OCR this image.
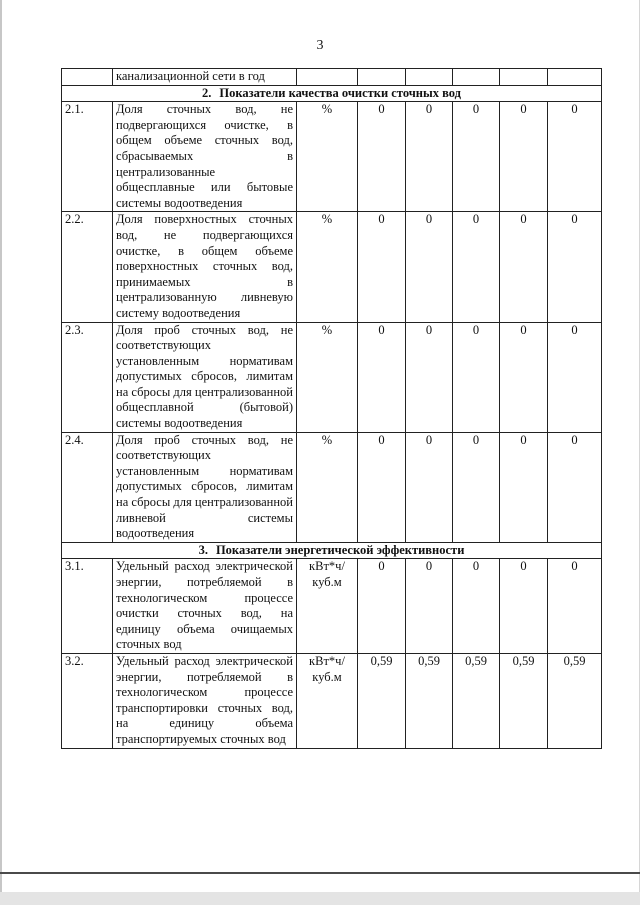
3
	канализационной сети в год						
2. Показатели качества очистки сточных вод							
2.1.	Доля сточных вод, не подвергающихся очистке, в общем объеме сточных вод, сбрасываемых в централизованные общесплавные или бытовые системы водоотведения	%	0	0	0	0	0
2.2.	Доля поверхностных сточных вод, не подвергающихся очистке, в общем объеме поверхностных сточных вод, принимаемых в централизованную ливневую систему водоотведения	%	0	0	0	0	0
2.3.	Доля проб сточных вод, не соответствующих установленным нормативам допустимых сбросов, лимитам на сбросы для централизованной общесплавной (бытовой) системы водоотведения	%	0	0	0	0	0
2.4.	Доля проб сточных вод, не соответствующих установленным нормативам допустимых сбросов, лимитам на сбросы для централизованной ливневой системы водоотведения	%	0	0	0	0	0
3. Показатели энергетической эффективности							
3.1.	Удельный расход электрической энергии, потребляемой в технологическом процессе очистки сточных вод, на единицу объема очищаемых сточных вод	кВт*ч/куб.м	0	0	0	0	0
3.2.	Удельный расход электрической энергии, потребляемой в технологическом процессе транспортировки сточных вод, на единицу объема транспортируемых сточных вод	кВт*ч/куб.м	0,59	0,59	0,59	0,59	0,59
